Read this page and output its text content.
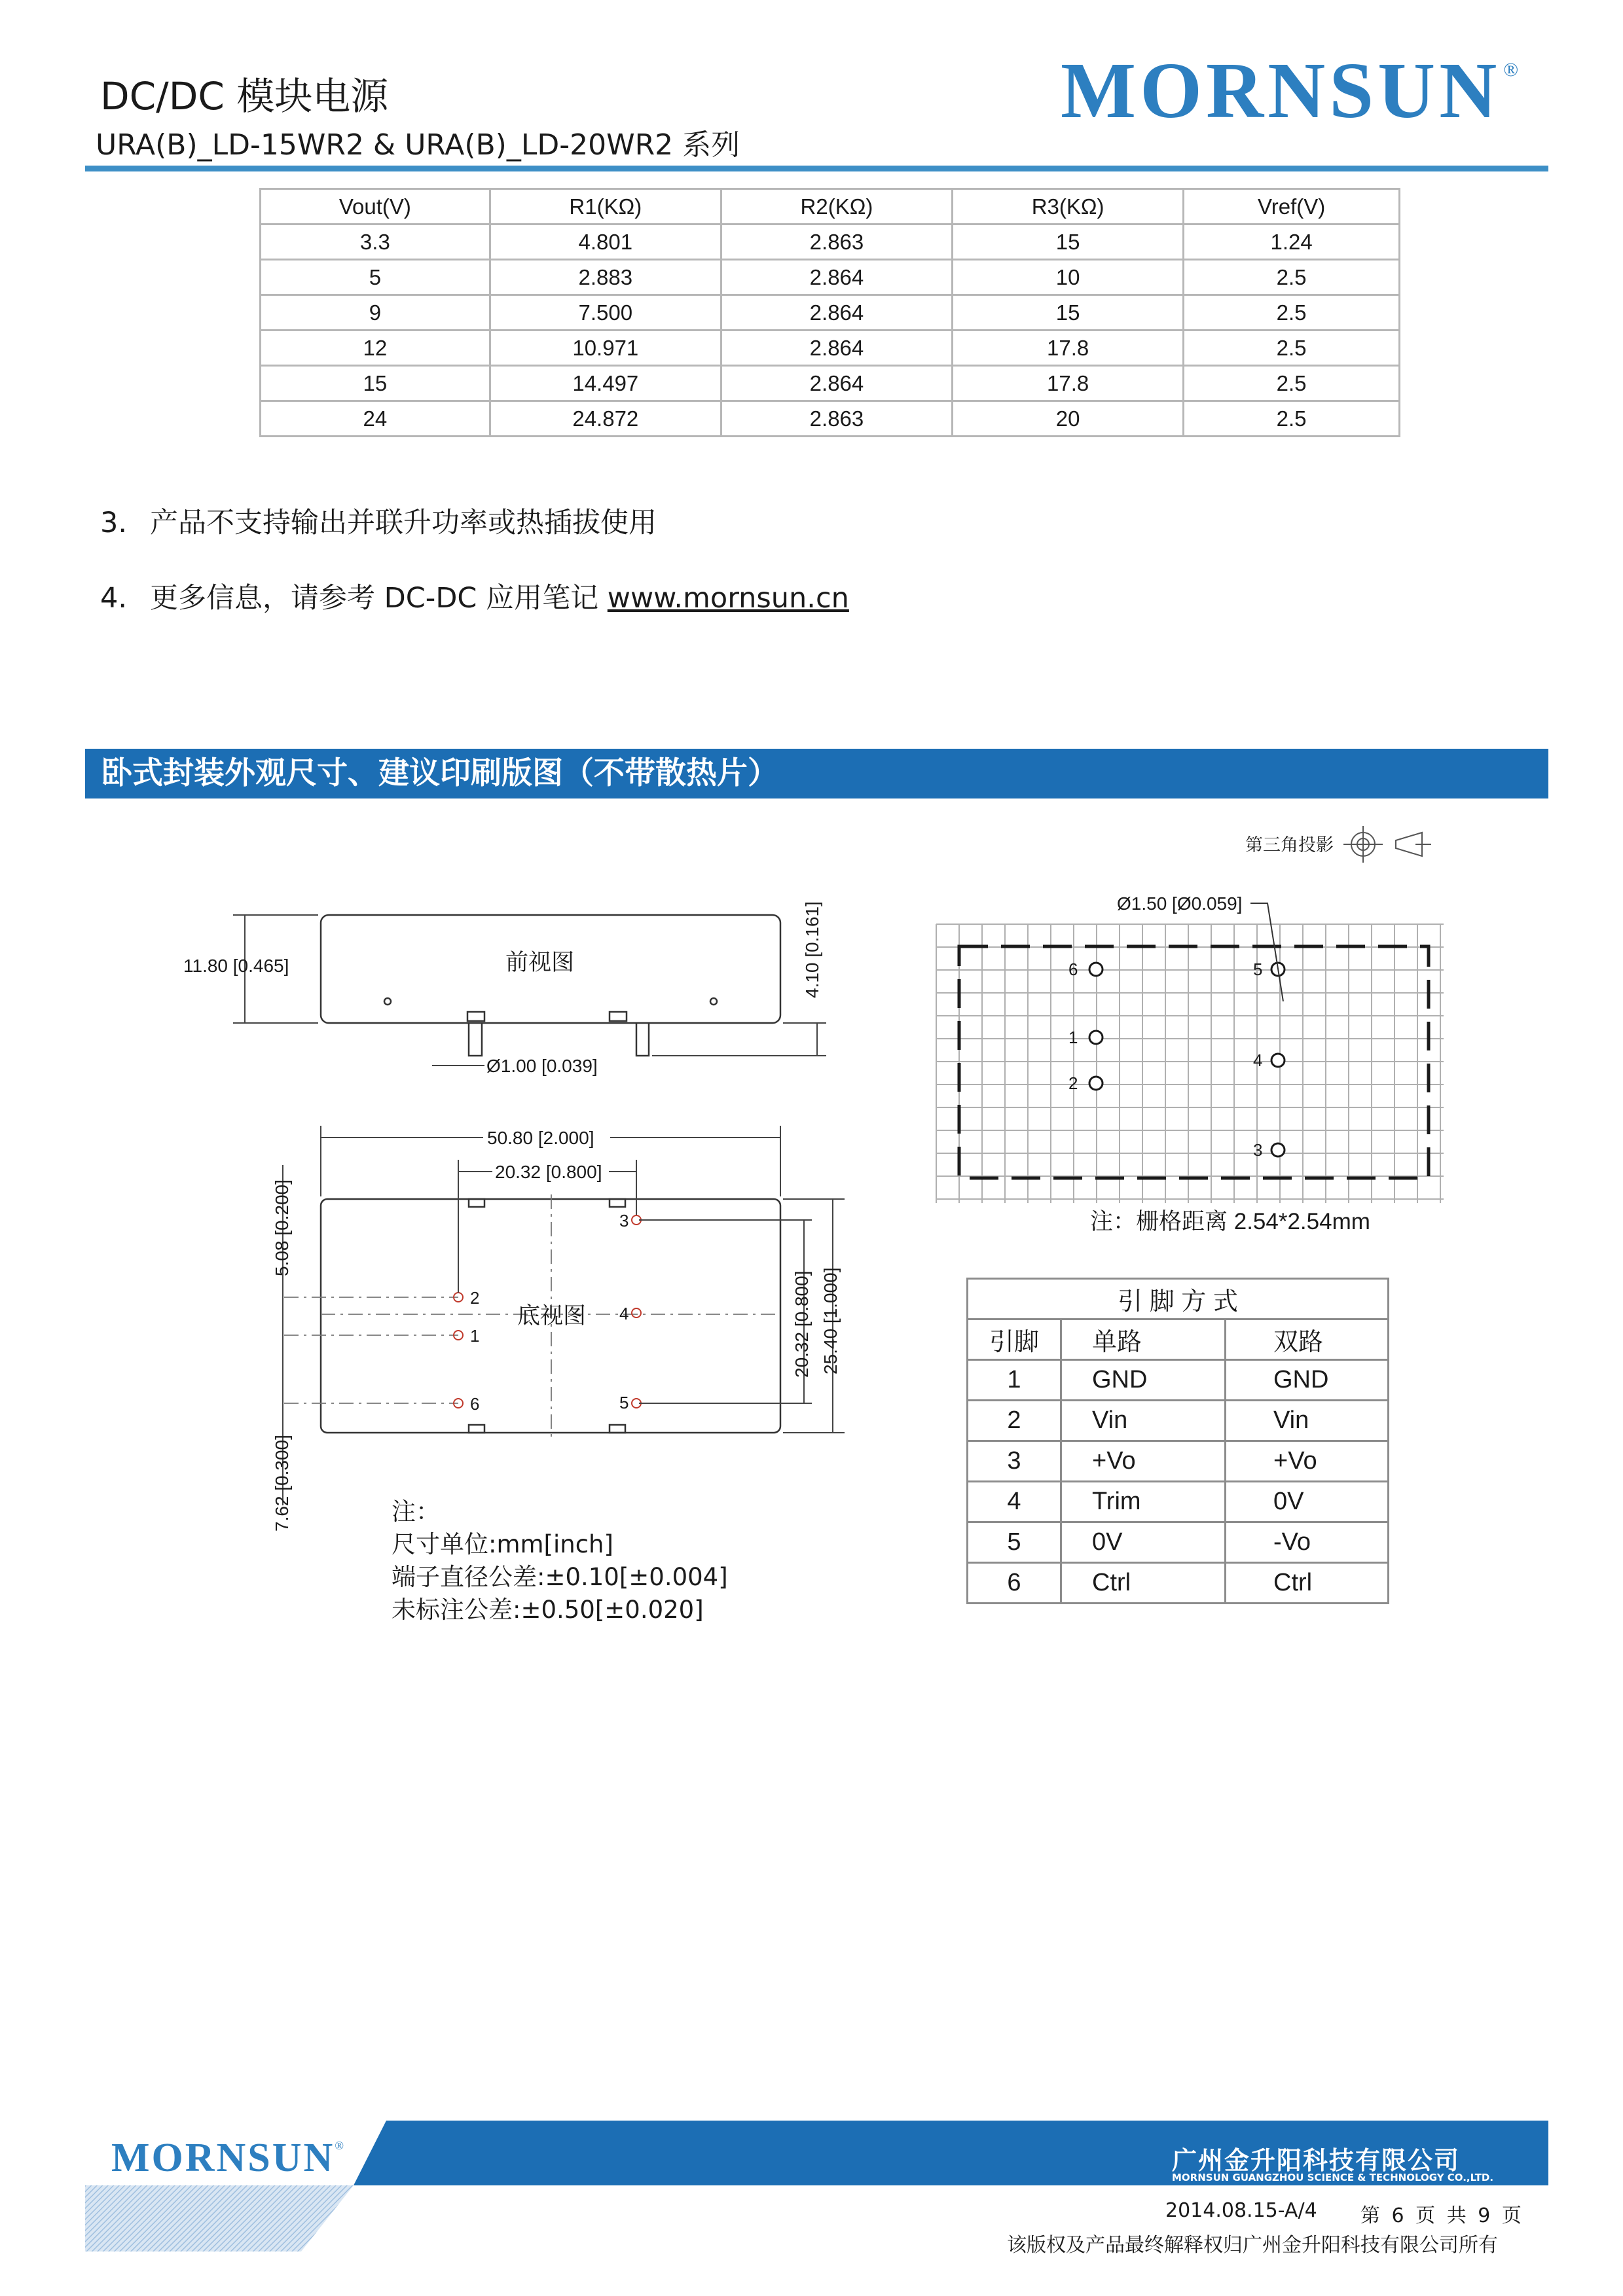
DC/DC 模块电源
URA(B)_LD-15WR2 & URA(B)_LD-20WR2 系列
MORNSUN ®
Vout(V)	R1(KΩ)	R2(KΩ)	R3(KΩ)	Vref(V)
3.3	4.801	2.863	15	1.24
5	2.883	2.864	10	2.5
9	7.500	2.864	15	2.5
12	10.971	2.864	17.8	2.5
15	14.497	2.864	17.8	2.5
24	24.872	2.863	20	2.5
3. 产品不支持输出并联升功率或热插拔使用
4. 更多信息，请参考 DC-DC 应用笔记 www.mornsun.cn
卧式封装外观尺寸、建议印刷版图（不带散热片）
第三角投影
前视图
11.80 [0.465]	4.10 [0.161]
Ø1.00 [0.039]
底视图
2
1
6
3
4
5
50.80 [2.000]
20.32 [0.800]
5.08 [0.200]
7.62 [0.300]
20.32 [0.800] 25.40 [1.000]
6	5
1
2
4
3
Ø1.50 [Ø0.059]
注：栅格距离 2.54*2.54mm
注：
尺寸单位:mm[inch]
端子直径公差:±0.10[±0.004]
未标注公差:±0.50[±0.020]
引 脚 方 式		
引脚	单路	双路
1	GND	GND
2	Vin	Vin
3	+Vo	+Vo
4	Trim	0V
5	0V	-Vo
6	Ctrl	Ctrl
MORNSUN®
广州金升阳科技有限公司
MORNSUN GUANGZHOU SCIENCE & TECHNOLOGY CO.,LTD.
2014.08.15-A/4 第 6 页 共 9 页
该版权及产品最终解释权归广州金升阳科技有限公司所有
